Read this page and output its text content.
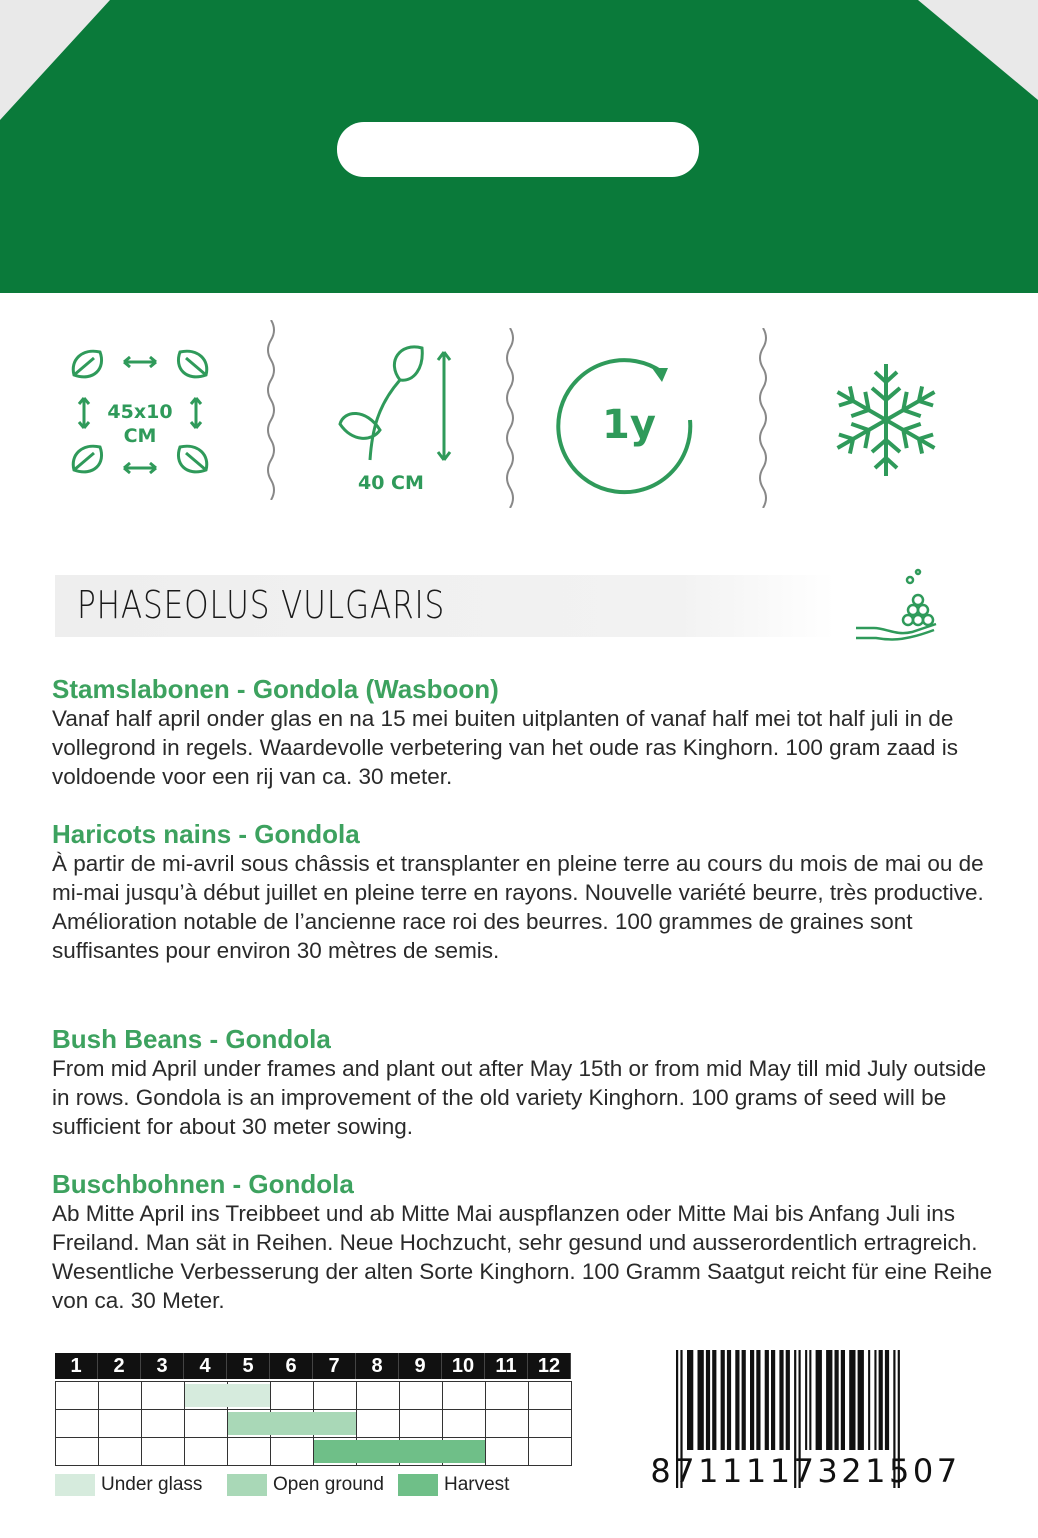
45x10
CM
40 CM
1y
PHASEOLUS VULGARIS

Stamslabonen - Gondola (Wasboon)

Vanaf half april onder glas en na 15 mei buiten uitplanten of vanaf half mei tot half juli in de vollegrond in regels. Waardevolle verbetering van het oude ras Kinghorn. 100 gram zaad is voldoende voor een rij van ca. 30 meter.

Haricots nains - Gondola

À partir de mi-avril sous châssis et transplanter en pleine terre au cours du mois de mai ou de mi-mai jusqu’à début juillet en pleine terre en rayons. Nouvelle variété beurre, très productive. Amélioration notable de l’ancienne race roi des beurres. 100 grammes de graines sont suffisantes pour environ 30 mètres de semis.

Bush Beans - Gondola

From mid April under frames and plant out after May 15th or from mid May till mid July outside in rows. Gondola is an improvement of the old variety Kinghorn. 100 grams of seed will be sufficient for about 30 meter sowing.

Buschbohnen - Gondola

Ab Mitte April ins Treibbeet und ab Mitte Mai auspflanzen oder Mitte Mai bis Anfang Juli ins Freiland. Man sät in Reihen. Neue Hochzucht, sehr gesund und ausserordentlich ertragreich. Wesentliche Verbesserung der alten Sorte Kinghorn. 100 Gramm Saatgut reicht für eine Reihe von ca. 30 Meter.

1	2	3	4	5	6	7	8	9	10	11	12
Under glass	Open ground	Harvest	8711117321507
